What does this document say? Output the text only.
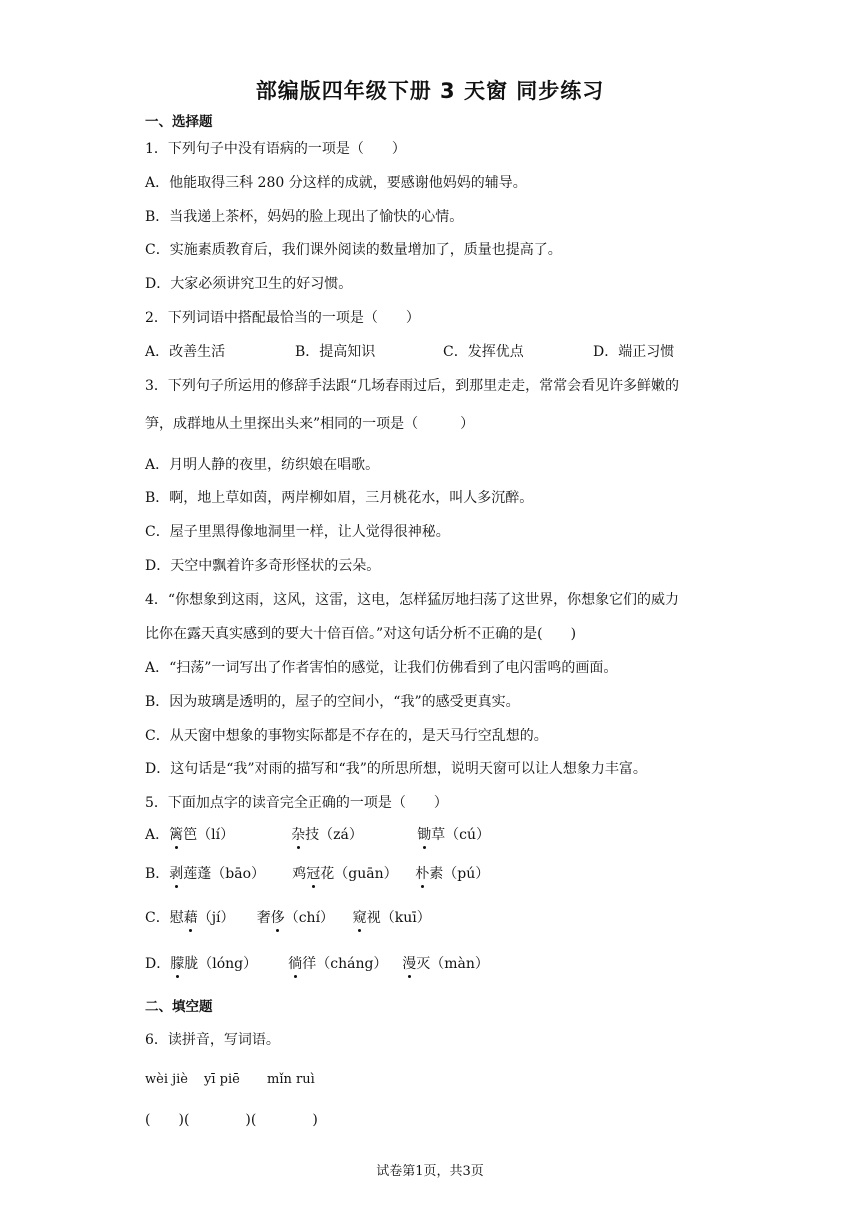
部编版四年级下册 3 天窗 同步练习
一、选择题
1．下列句子中没有语病的一项是（　　）
A．他能取得三科 280 分这样的成就，要感谢他妈妈的辅导。
B．当我递上茶杯，妈妈的脸上现出了愉快的心情。
C．实施素质教育后，我们课外阅读的数量增加了，质量也提高了。
D．大家必须讲究卫生的好习惯。
2．下列词语中搭配最恰当的一项是（　　）
A．改善生活	B．提高知识	C．发挥优点	D．端正习惯
3．下列句子所运用的修辞手法跟“几场春雨过后，到那里走走，常常会看见许多鲜嫩的
笋，成群地从土里探出头来”相同的一项是（　　　）
A．月明人静的夜里，纺织娘在唱歌。
B．啊，地上草如茵，两岸柳如眉，三月桃花水，叫人多沉醉。
C．屋子里黑得像地洞里一样，让人觉得很神秘。
D．天空中飘着许多奇形怪状的云朵。
4．“你想象到这雨，这风，这雷，这电，怎样猛厉地扫荡了这世界，你想象它们的威力
比你在露天真实感到的要大十倍百倍。”对这句话分析不正确的是(　　)
A．“扫荡”一词写出了作者害怕的感觉，让我们仿佛看到了电闪雷鸣的画面。
B．因为玻璃是透明的，屋子的空间小，“我”的感受更真实。
C．从天窗中想象的事物实际都是不存在的，是天马行空乱想的。
D．这句话是“我”对雨的描写和“我”的所思所想，说明天窗可以让人想象力丰富。
5．下面加点字的读音完全正确的一项是（　　）
A．篱笆（lí）	杂技（zá）	锄草（cú）
B．剥莲蓬（bāo） 鸡冠花（guān） 朴素（pú）
C．慰藉（jí） 奢侈（chí） 窥视（kuī）
D．朦胧（lóng） 徜徉（cháng） 漫灭（màn）
二、填空题
6．读拼音，写词语。
wèi jiè yī piē mǐn ruì
(　　)(　　　　)(　　　　)
试卷第1页，共3页
